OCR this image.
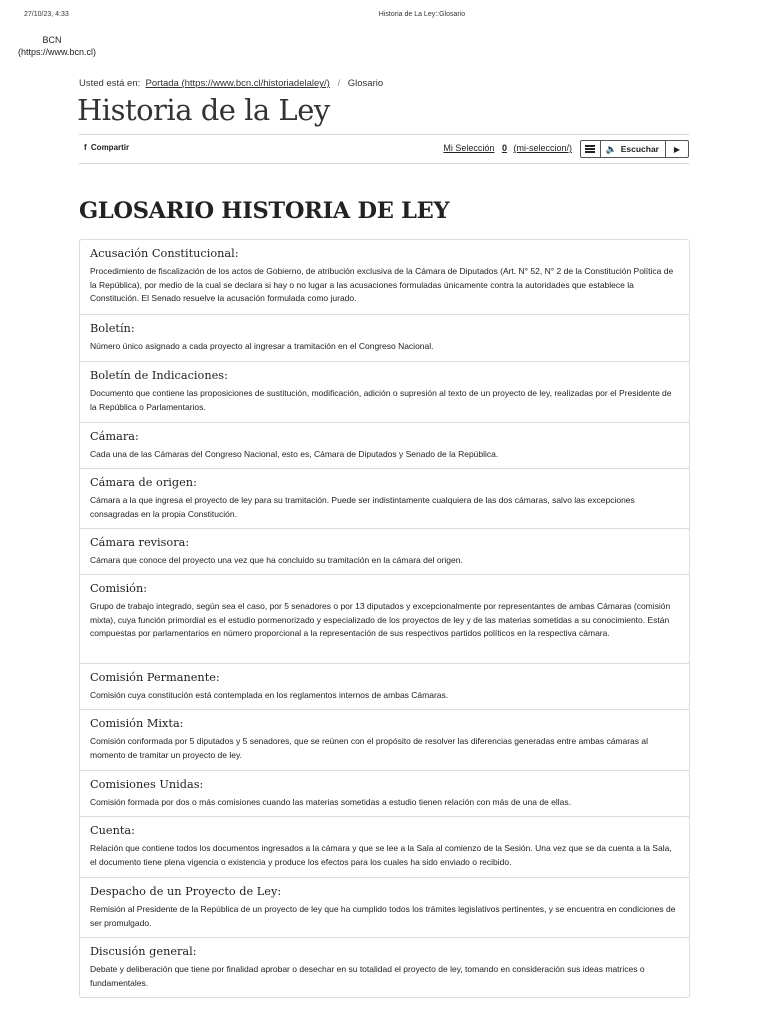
27/10/23, 4:33	Historia de La Ley::Glosario
BCN
(https://www.bcn.cl)
Usted está en: Portada (https://www.bcn.cl/historiadelaley/) / Glosario
Historia de la Ley
f Compartir	Mi Selección 0 (mi-seleccion/)	🔈 Escuchar	▶
GLOSARIO HISTORIA DE LEY
Acusación Constitucional:
Procedimiento de fiscalización de los actos de Gobierno, de atribución exclusiva de la Cámara de Diputados (Art. N° 52, N° 2 de la Constitución Política de la República), por medio de la cual se declara si hay o no lugar a las acusaciones formuladas únicamente contra la autoridades que establece la Constitución. El Senado resuelve la acusación formulada como jurado.
Boletín:
Número único asignado a cada proyecto al ingresar a tramitación en el Congreso Nacional.
Boletín de Indicaciones:
Documento que contiene las proposiciones de sustitución, modificación, adición o supresión al texto de un proyecto de ley, realizadas por el Presidente de la República o Parlamentarios.
Cámara:
Cada una de las Cámaras del Congreso Nacional, esto es, Cámara de Diputados y Senado de la República.
Cámara de origen:
Cámara a la que ingresa el proyecto de ley para su tramitación. Puede ser indistintamente cualquiera de las dos cámaras, salvo las excepciones consagradas en la propia Constitución.
Cámara revisora:
Cámara que conoce del proyecto una vez que ha concluido su tramitación en la cámara del origen.
Comisión:
Grupo de trabajo integrado, según sea el caso, por 5 senadores o por 13 diputados y excepcionalmente por representantes de ambas Cámaras (comisión mixta), cuya función primordial es el estudio pormenorizado y especializado de los proyectos de ley y de las materias sometidas a su conocimiento. Están compuestas por parlamentarios en número proporcional a la representación de sus respectivos partidos políticos en la respectiva cámara.
Comisión Permanente:
Comisión cuya constitución está contemplada en los reglamentos internos de ambas Cámaras.
Comisión Mixta:
Comisión conformada por 5 diputados y 5 senadores, que se reúnen con el propósito de resolver las diferencias generadas entre ambas cámaras al momento de tramitar un proyecto de ley.
Comisiones Unidas:
Comisión formada por dos o más comisiones cuando las materias sometidas a estudio tienen relación con más de una de ellas.
Cuenta:
Relación que contiene todos los documentos ingresados a la cámara y que se lee a la Sala al comienzo de la Sesión. Una vez que se da cuenta a la Sala, el documento tiene plena vigencia o existencia y produce los efectos para los cuales ha sido enviado o recibido.
Despacho de un Proyecto de Ley:
Remisión al Presidente de la República de un proyecto de ley que ha cumplido todos los trámites legislativos pertinentes, y se encuentra en condiciones de ser promulgado.
Discusión general:
Debate y deliberación que tiene por finalidad aprobar o desechar en su totalidad el proyecto de ley, tomando en consideración sus ideas matrices o fundamentales.
